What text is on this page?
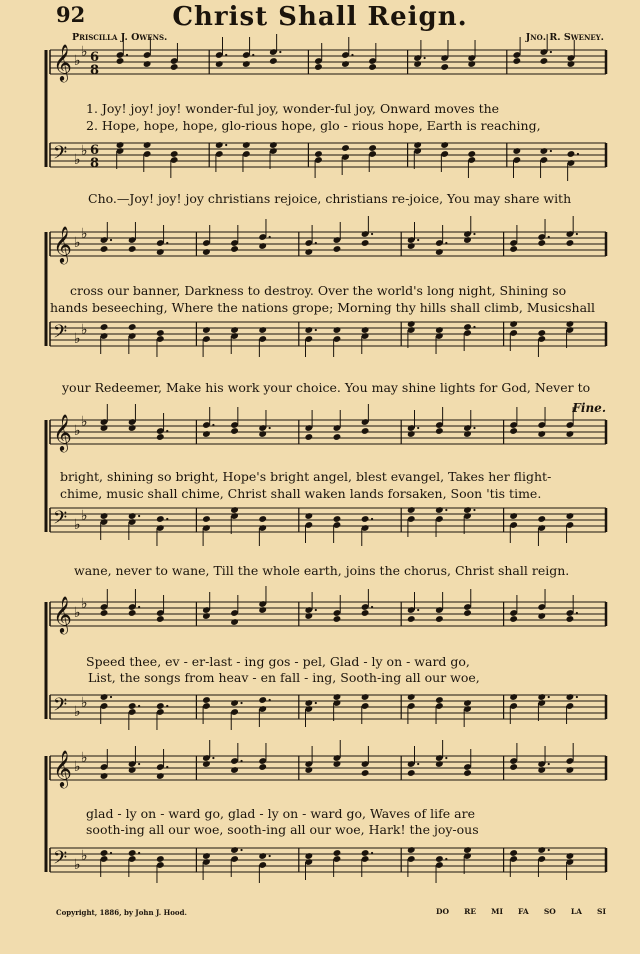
92	Christ Shall Reign.
Priscilla J. Owens.	Jno. R. Sweney.
𝄞 ♭
♭ 6
8
𝄢 ♭
♭ 6
8
𝄞 ♭
♭
𝄢 ♭
♭
𝄞 ♭
♭
𝄢 ♭
♭
𝄞 ♭
♭
𝄢 ♭
♭
𝄞 ♭
♭
𝄢 ♭
♭
1. Joy! joy! joy! wonder-ful joy, wonder-ful joy, Onward moves the
2. Hope, hope, hope, glo-rious hope, glo - rious hope, Earth is reaching,
Cho.—Joy! joy! joy christians rejoice, christians re-joice, You may share with
cross our banner, Darkness to destroy. Over the world's long night, Shining so
hands beseeching, Where the nations grope; Morning thy hills shall climb, Musicshall
your Redeemer, Make his work your choice. You may shine lights for God, Never to
Fine.
bright, shining so bright, Hope's bright angel, blest evangel, Takes her flight-
chime, music shall chime, Christ shall waken lands forsaken, Soon 'tis time.
wane, never to wane, Till the whole earth, joins the chorus, Christ shall reign.
Speed thee, ev - er-last - ing gos - pel, Glad - ly on - ward go,
List, the songs from heav - en fall - ing, Sooth-ing all our woe,
glad - ly on - ward go, glad - ly on - ward go, Waves of life are
sooth-ing all our woe, sooth-ing all our woe, Hark! the joy-ous
Copyright, 1886, by John J. Hood.	DO RE MI FA SO LA SI
